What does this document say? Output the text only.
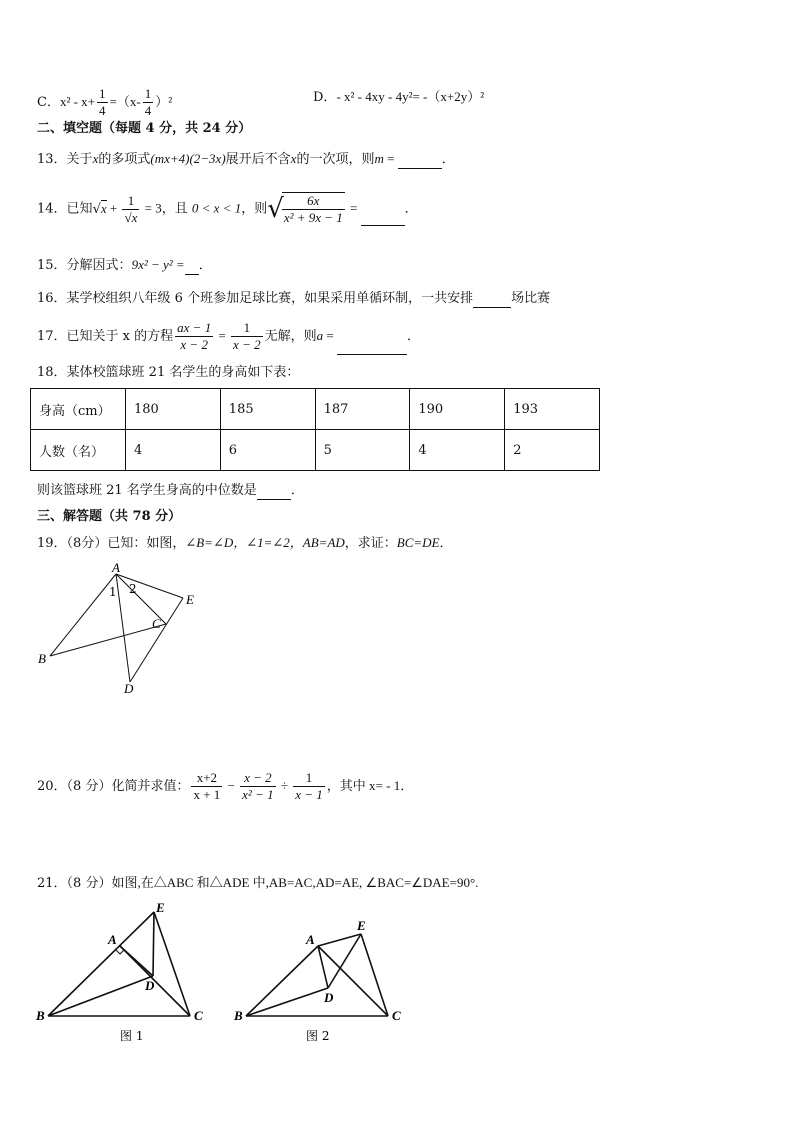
C．$x^2 - x+ \frac{1}{4} =(x- \frac{1}{4} )^2$	D．- x² - 4xy - 4y²= -（x+2y）²
二、填空题（每题 4 分，共 24 分）
13．关于x的多项式(mx+4)(2−3x)展开后不含x的一次项，则m =	．
14．已知$√x + \frac{1}{√x} = 3$，且 0 < x < 1，则√
$\frac{6x}{\text{x² + 9x − 1}}$ =	．
15．分解因式：9x² − y² = ．
16．某学校组织八年级 6 个班参加足球比赛，如果采用单循环制，一共安排	场比赛
17．已知关于 x 的方程 $\frac{ax - 1}{x - 2} = \frac{1}{x - 2}$ 无解，则a =	．
18．某体校篮球班 21 名学生的身高如下表：
身高（cm）	180	185	187	190	193
人数（名）	4	6	5	4	2
则该篮球班 21 名学生身高的中位数是	．
三、解答题（共 78 分）
19．（8分）已知：如图，∠B=∠D，∠1=∠2，AB=AD，求证：BC=DE．
A
B
C
D
E
1 2
20．（8 分）化简并求值： $\frac{x+2}{x + 1} - \frac{x - 2}{\text{x² − 1}} \div \frac{1}{x - 1}$ ，其中 x= - 1．
21．（8 分）如图,在△ABC 和△ADE 中,AB=AC,AD=AE, ∠BAC=∠DAE=90°.
A
B	C
D
E
图 1
A
B	C
D
E
图 2
